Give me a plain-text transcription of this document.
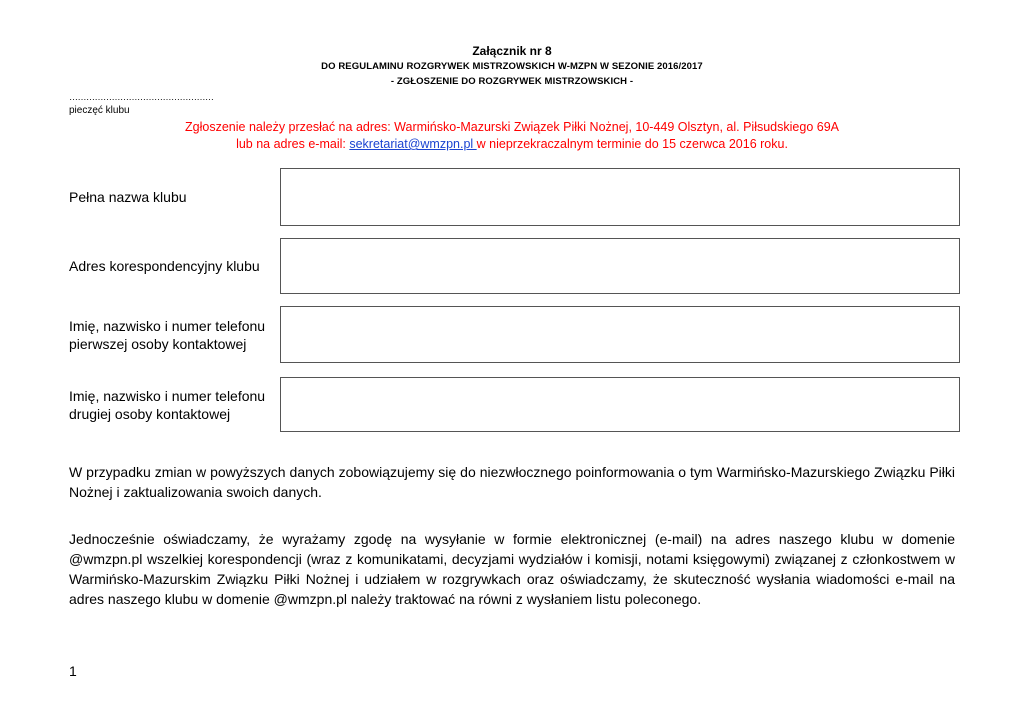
Załącznik nr 8
DO REGULAMINU ROZGRYWEK MISTRZOWSKICH W-MZPN W SEZONIE 2016/2017
- ZGŁOSZENIE DO ROZGRYWEK MISTRZOWSKICH -
……………………………………………
pieczęć klubu
Zgłoszenie należy przesłać na adres: Warmińsko-Mazurski Związek Piłki Nożnej, 10-449 Olsztyn, al. Piłsudskiego 69A
lub na adres e-mail: sekretariat@wmzpn.pl w nieprzekraczalnym terminie do 15 czerwca 2016 roku.
Pełna nazwa klubu
Adres korespondencyjny klubu
Imię, nazwisko i numer telefonu pierwszej osoby kontaktowej
Imię, nazwisko i numer telefonu drugiej osoby kontaktowej
W przypadku zmian w powyższych danych zobowiązujemy się do niezwłocznego poinformowania o tym Warmińsko-Mazurskiego Związku Piłki Nożnej i zaktualizowania swoich danych.
Jednocześnie oświadczamy, że wyrażamy zgodę na wysyłanie w formie elektronicznej (e-mail) na adres naszego klubu w domenie @wmzpn.pl wszelkiej korespondencji (wraz z komunikatami, decyzjami wydziałów i komisji, notami księgowymi) związanej z członkostwem w Warmińsko-Mazurskim Związku Piłki Nożnej i udziałem w rozgrywkach oraz oświadczamy, że skuteczność wysłania wiadomości e-mail na adres naszego klubu w domenie @wmzpn.pl należy traktować na równi z wysłaniem listu poleconego.
1
